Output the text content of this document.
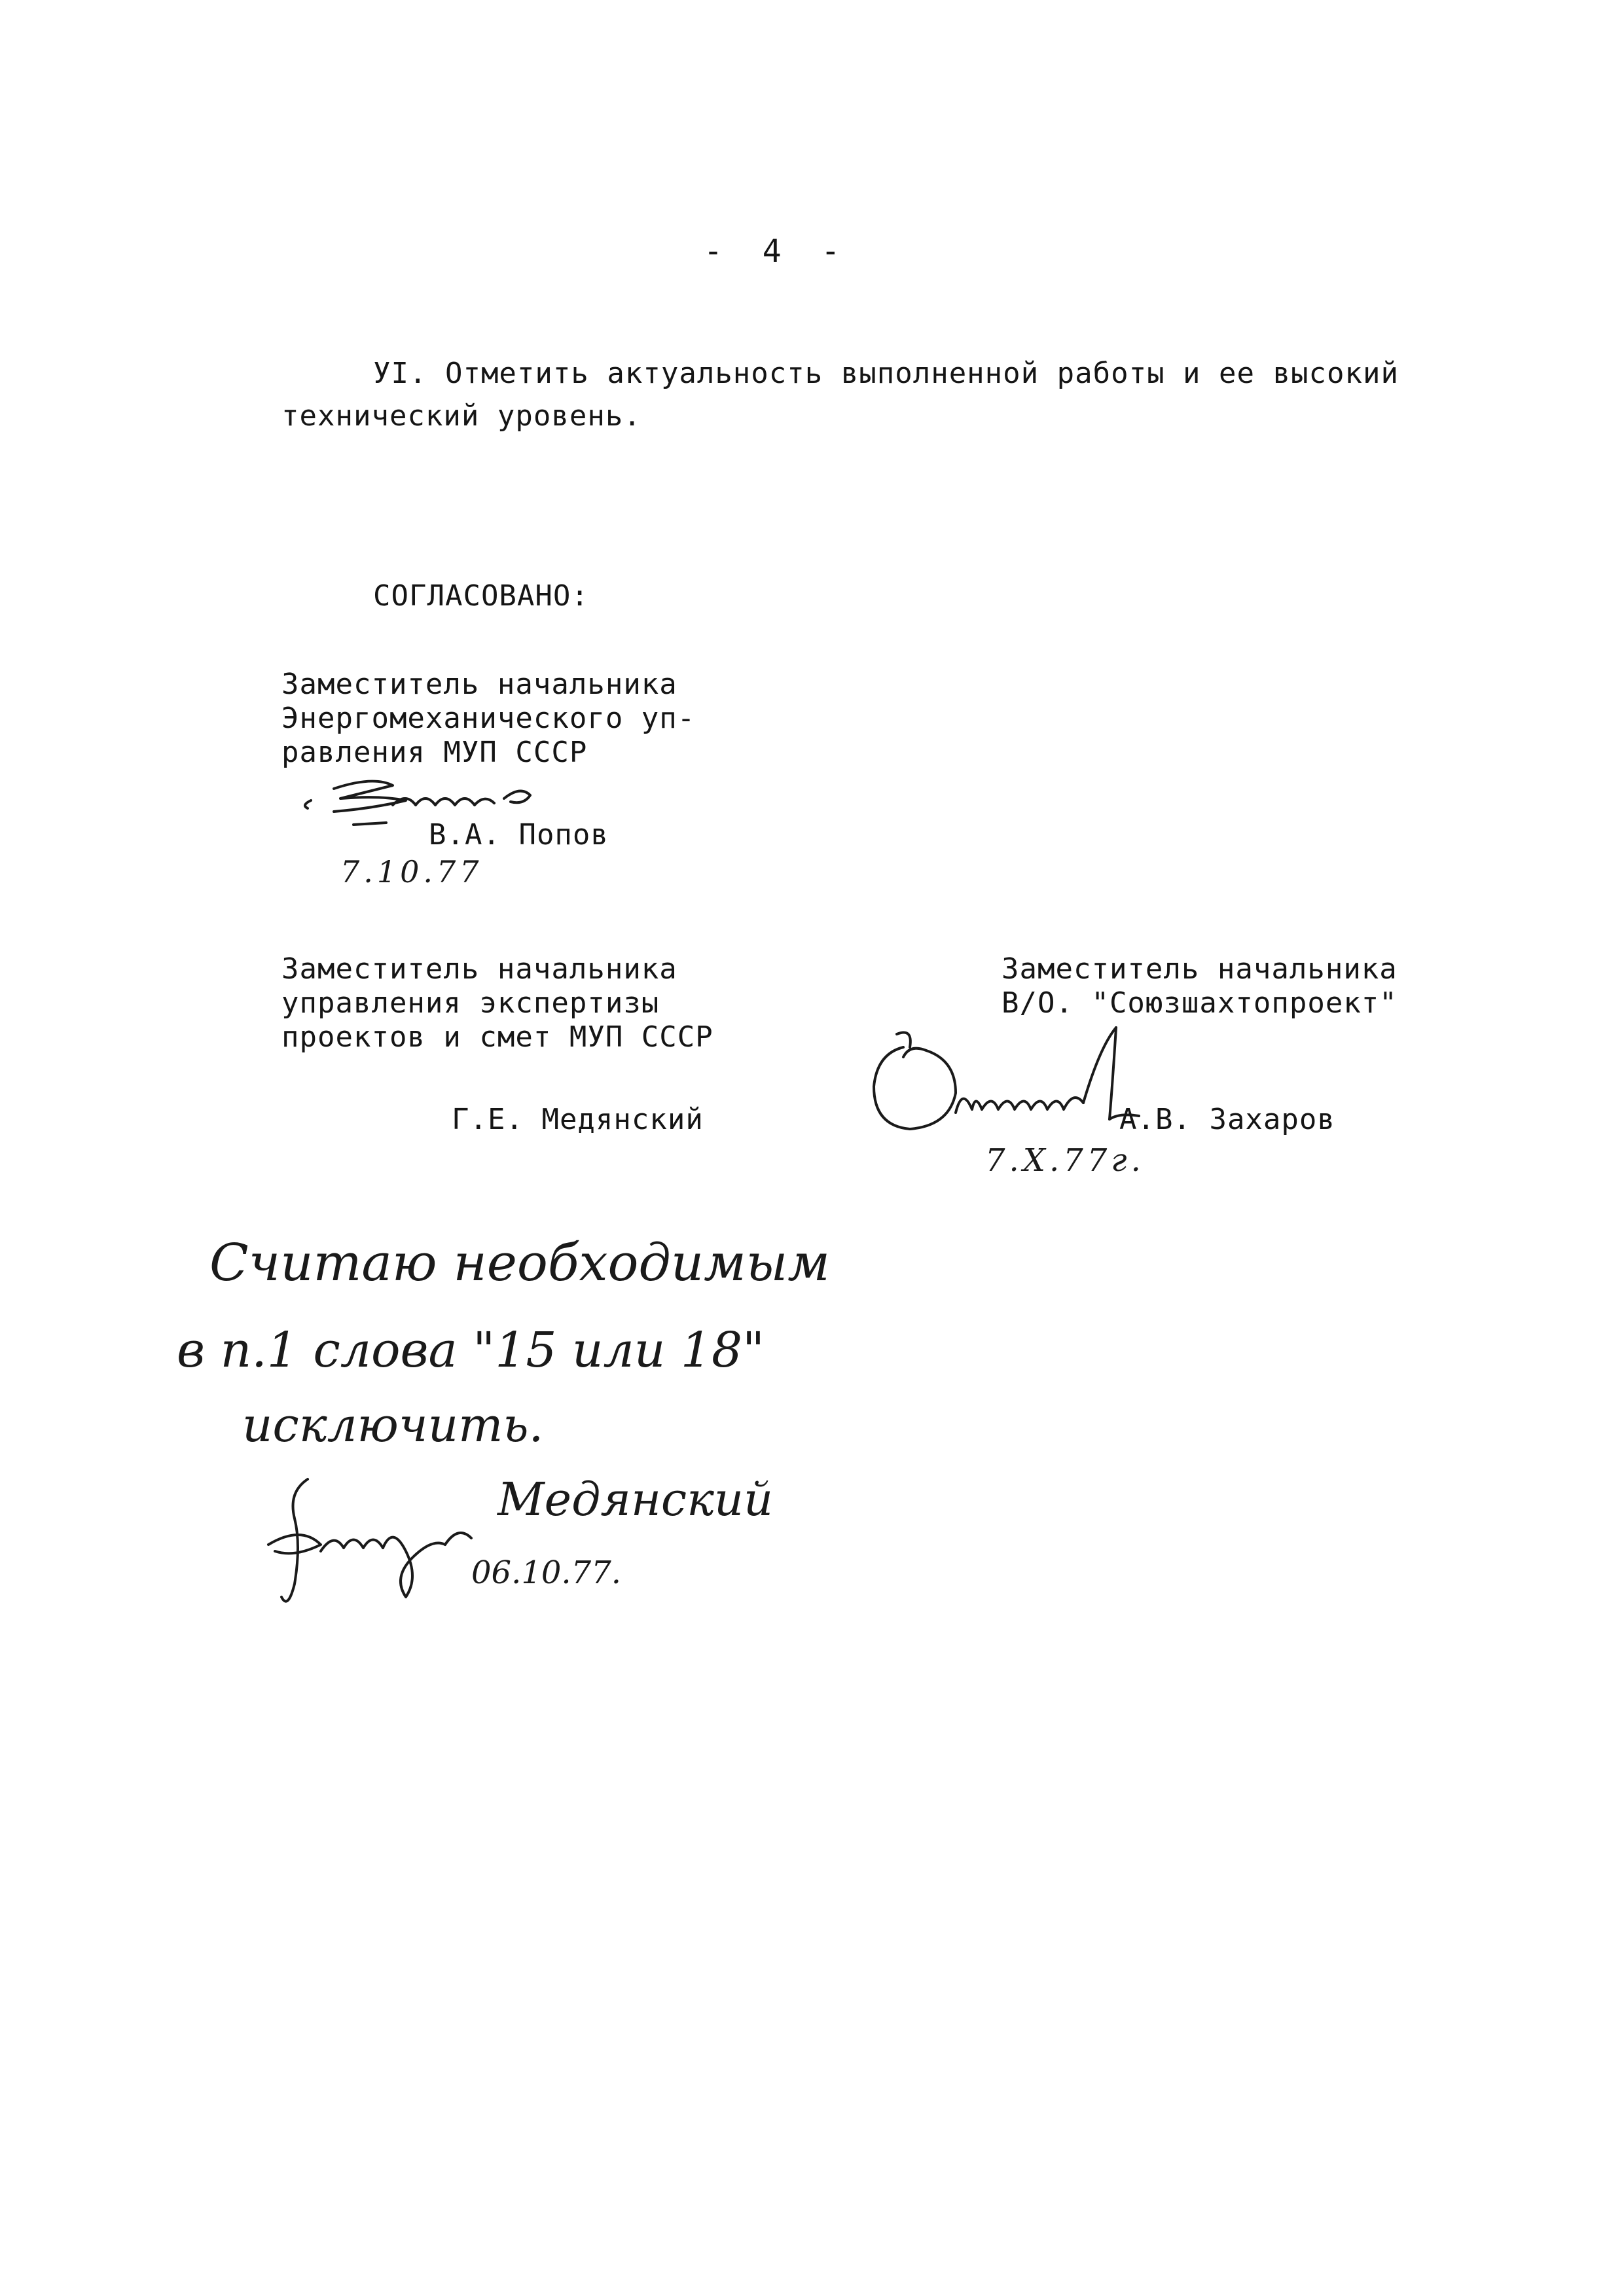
-  4  -
УI. Отметить актуальность выполненной работы и ее высокий
технический уровень.
СОГЛАСОВАНО:
Заместитель начальника
Энергомеханического уп-
равления МУП СССР
В.А. Попов
7.10.77
Заместитель начальника
управления экспертизы
проектов и смет МУП СССР
Г.Е. Медянский
Заместитель начальника
В/О. "Союзшахтопроект"
А.В. Захаров
7.X.77г.
Считаю необходимым
в п.1 слова "15 или 18"
исключить.
Медянский
06.10.77.
